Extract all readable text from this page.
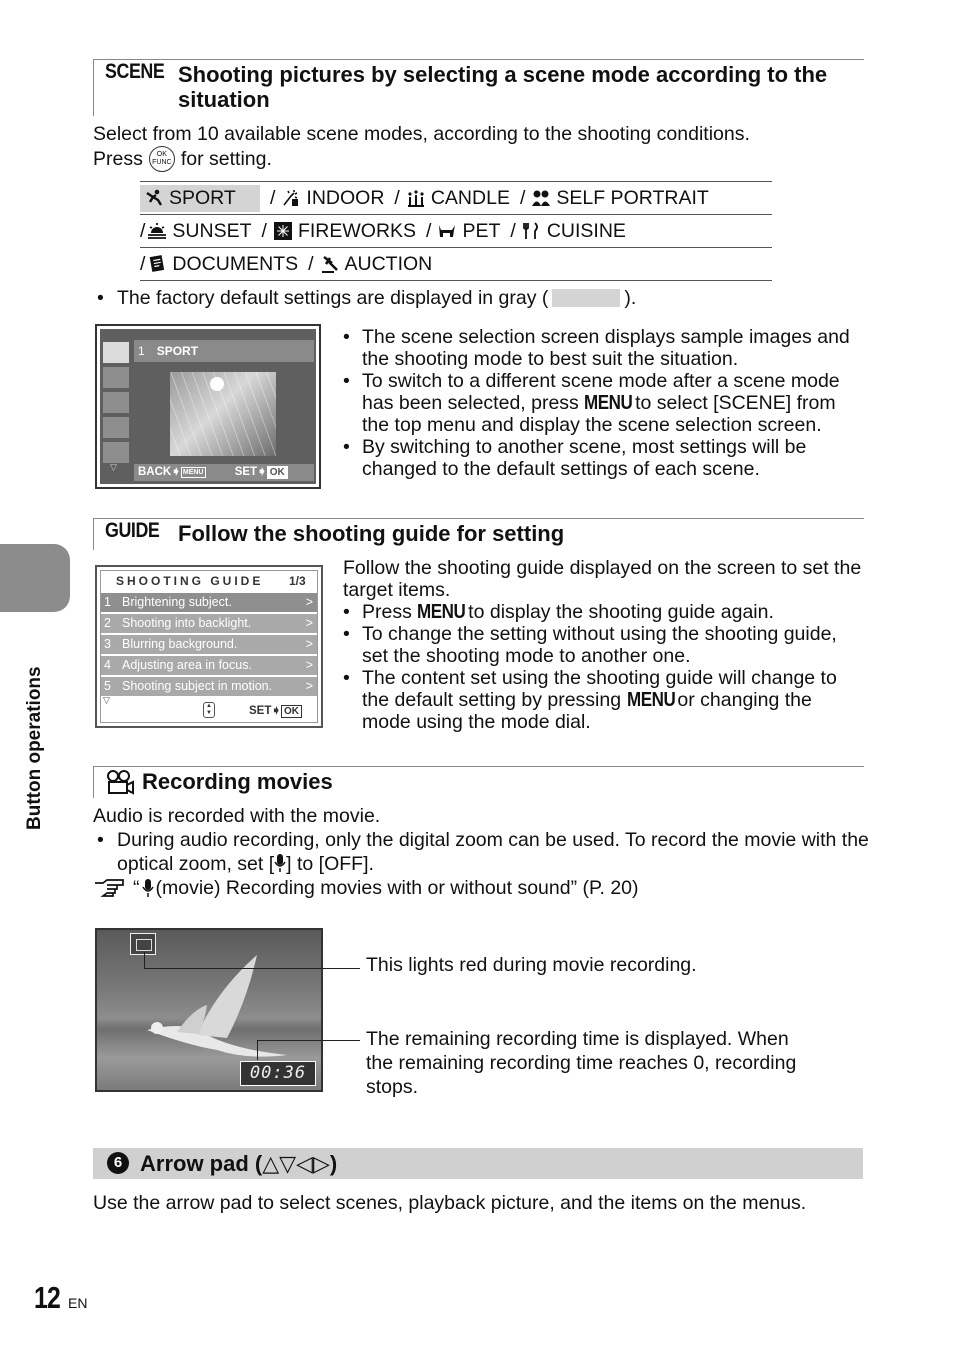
Button operations
SCENE Shooting pictures by selecting a scene mode according to the situation
Select from 10 available scene modes, according to the shooting conditions.
Press OK
FUNC for setting.
SPORT / INDOOR / CANDLE / SELF PORTRAIT
/ SUNSET / FIREWORKS / PET / CUISINE
/ DOCUMENTS / AUCTION
• The factory default settings are displayed in gray (	).
▽
1 SPORT
BACK➧ MENU	SET➧ OK
• The scene selection screen displays sample images and the shooting mode to best suit the situation.
• To switch to a different scene mode after a scene mode has been selected, press MENU to select [SCENE] from the top menu and display the scene selection screen.
• By switching to another scene, most settings will be changed to the default settings of each scene.
GUIDE Follow the shooting guide for setting
SHOOTING GUIDE 1/3
1 Brightening subject.	>
2 Shooting into backlight.	>
3 Blurring background.	>
4 Adjusting area in focus.	>
5 Shooting subject in motion.	>
▽
▲
▼	SET➧ OK
Follow the shooting guide displayed on the screen to set the target items.
• Press MENU to display the shooting guide again.
• To change the setting without using the shooting guide, set the shooting mode to another one.
• The content set using the shooting guide will change to the default setting by pressing MENU or changing the mode using the mode dial.
Recording movies
Audio is recorded with the movie.
• During audio recording, only the digital zoom can be used. To record the movie with the optical zoom, set [ ] to [OFF].
“ (movie) Recording movies with or without sound” (P. 20)
00:36
This lights red during movie recording.
The remaining recording time is displayed. When the remaining recording time reaches 0, recording stops.
6 Arrow pad (△▽◁▷)
Use the arrow pad to select scenes, playback picture, and the items on the menus.
12 EN
